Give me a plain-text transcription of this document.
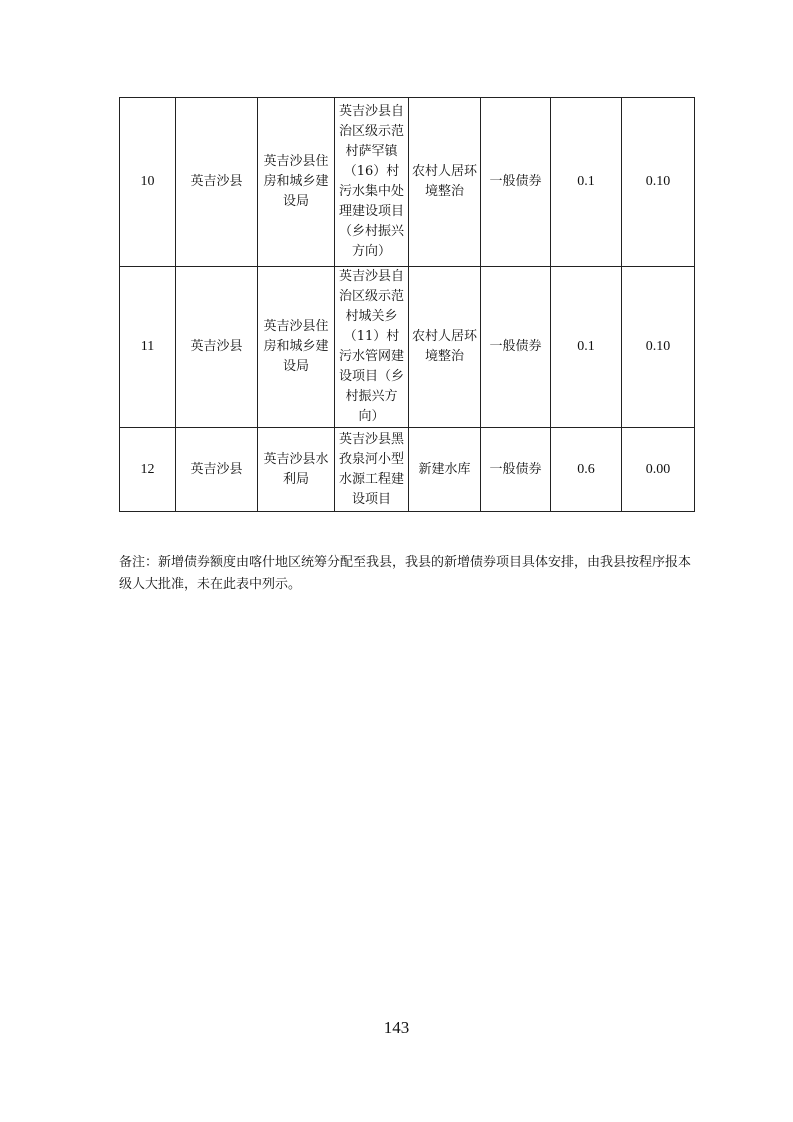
10	英吉沙县	英吉沙县住房和城乡建设局	英吉沙县自治区级示范村萨罕镇（16）村污水集中处理建设项目（乡村振兴方向）	农村人居环境整治	一般债券	0.1	0.10
11	英吉沙县	英吉沙县住房和城乡建设局	英吉沙县自治区级示范村城关乡（11）村污水管网建设项目（乡村振兴方向）	农村人居环境整治	一般债券	0.1	0.10
12	英吉沙县	英吉沙县水利局	英吉沙县黑孜泉河小型水源工程建设项目	新建水库	一般债券	0.6	0.00
备注：新增债券额度由喀什地区统筹分配至我县，我县的新增债券项目具体安排，由我县按程序报本级人大批准，未在此表中列示。
143
